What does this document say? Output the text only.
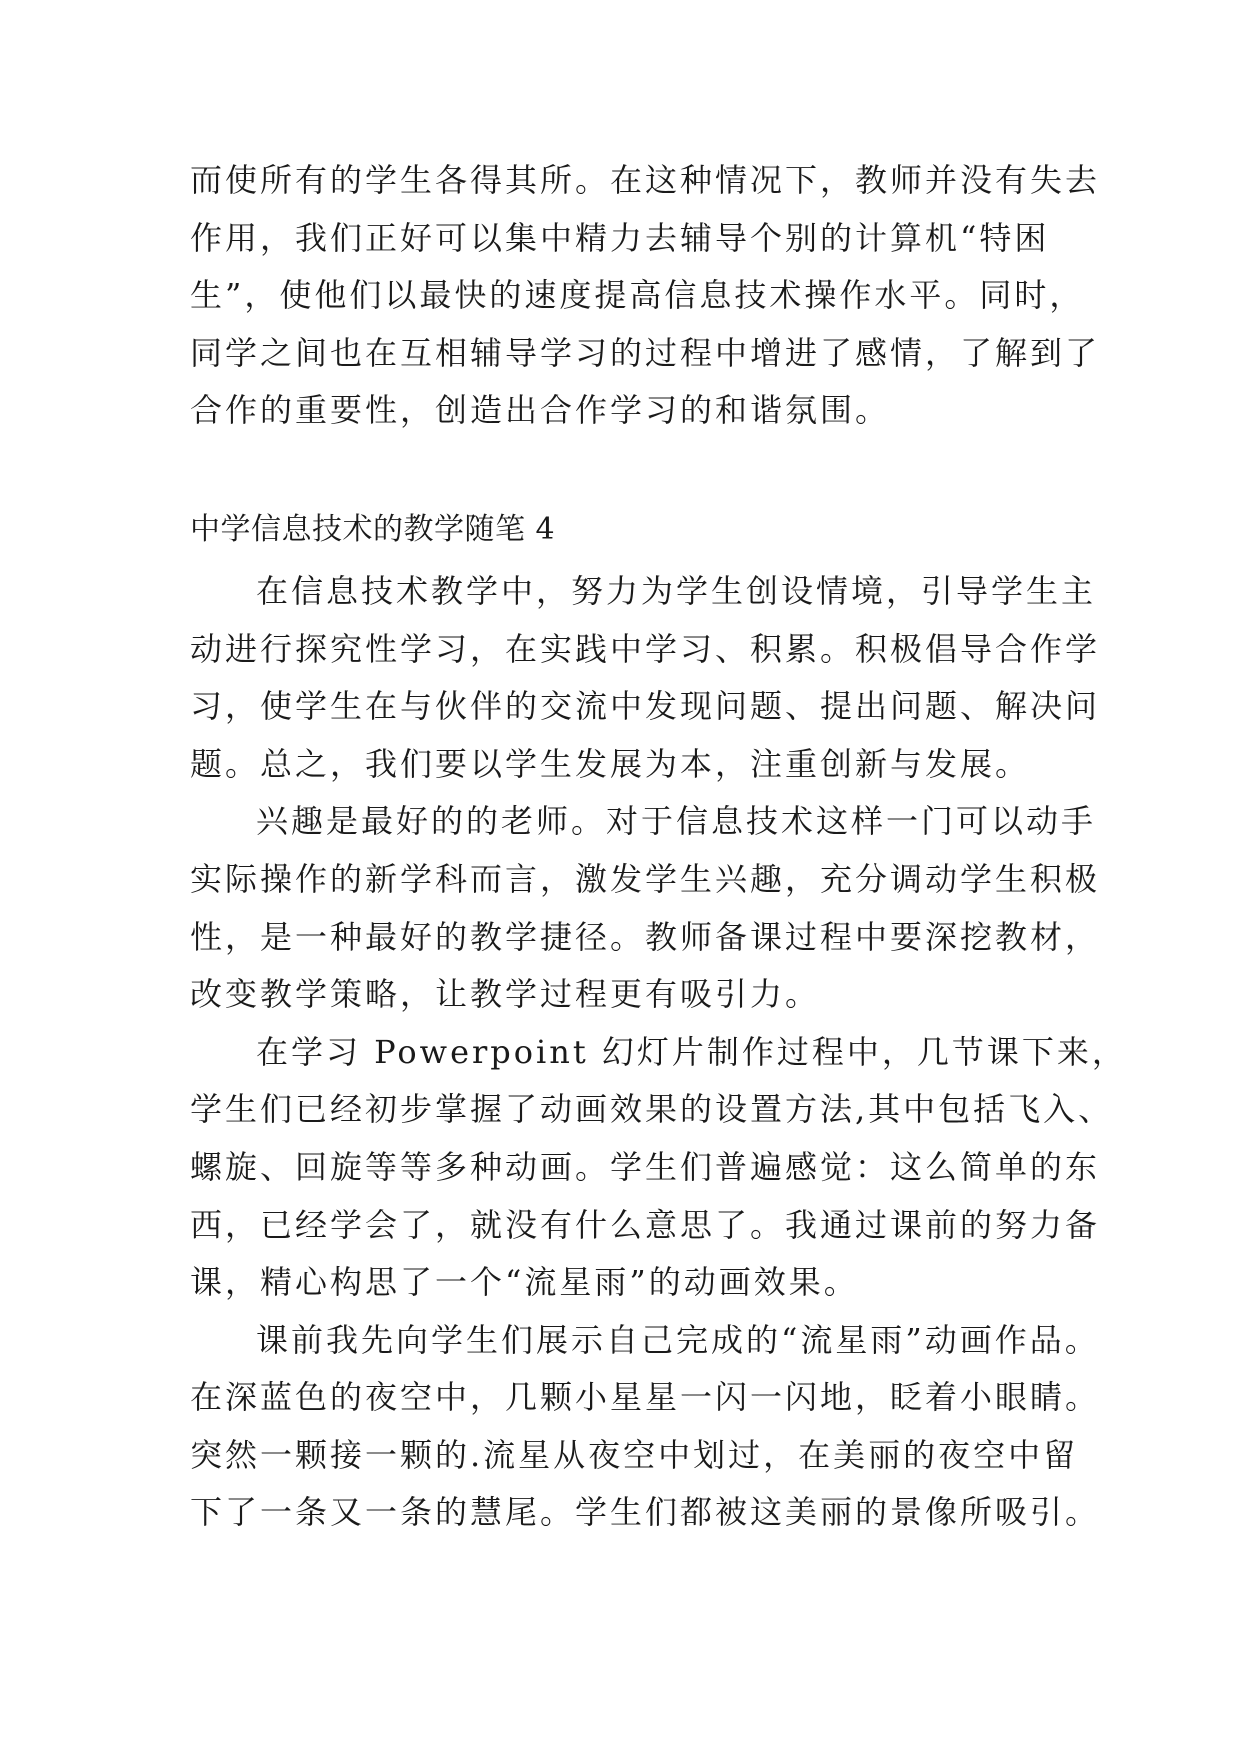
而使所有的学生各得其所。在这种情况下，教师并没有失去
作用，我们正好可以集中精力去辅导个别的计算机“特困
生”，使他们以最快的速度提高信息技术操作水平。同时，
同学之间也在互相辅导学习的过程中增进了感情，了解到了
合作的重要性，创造出合作学习的和谐氛围。
中学信息技术的教学随笔 4
在信息技术教学中，努力为学生创设情境，引导学生主
动进行探究性学习，在实践中学习、积累。积极倡导合作学
习，使学生在与伙伴的交流中发现问题、提出问题、解决问
题。总之，我们要以学生发展为本，注重创新与发展。
兴趣是最好的的老师。对于信息技术这样一门可以动手
实际操作的新学科而言，激发学生兴趣，充分调动学生积极
性，是一种最好的教学捷径。教师备课过程中要深挖教材，
改变教学策略，让教学过程更有吸引力。
在学习 Powerpoint 幻灯片制作过程中，几节课下来，
学生们已经初步掌握了动画效果的设置方法,其中包括飞入、
螺旋、回旋等等多种动画。学生们普遍感觉：这么简单的东
西，已经学会了，就没有什么意思了。我通过课前的努力备
课，精心构思了一个“流星雨”的动画效果。
课前我先向学生们展示自己完成的“流星雨”动画作品。
在深蓝色的夜空中，几颗小星星一闪一闪地，眨着小眼睛。
突然一颗接一颗的.流星从夜空中划过，在美丽的夜空中留
下了一条又一条的慧尾。学生们都被这美丽的景像所吸引。
